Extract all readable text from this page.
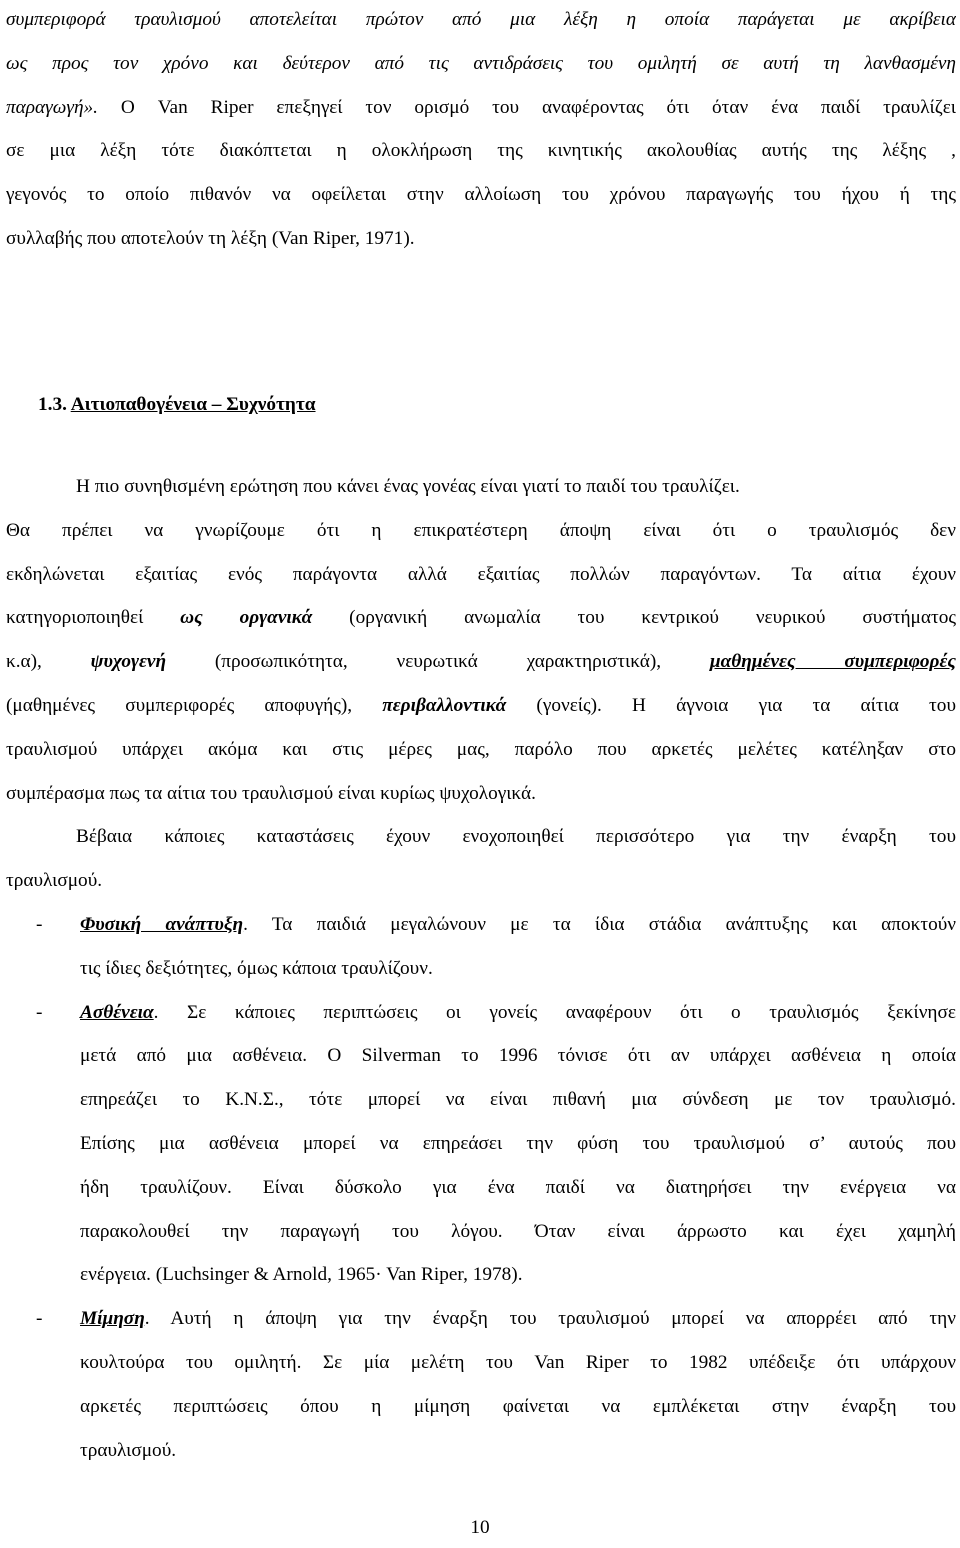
συμπεριφορά τραυλισμού αποτελείται πρώτον από μια λέξη η οποία παράγεται με ακρίβεια
ως προς τον χρόνο και δεύτερον από τις αντιδράσεις του ομιλητή σε αυτή τη λανθασμένη
παραγωγή». Ο Van Riper επεξηγεί τον ορισμό του αναφέροντας ότι όταν ένα παιδί τραυλίζει
σε μια λέξη τότε διακόπτεται η ολοκλήρωση της κινητικής ακολουθίας αυτής της λέξης ,
γεγονός το οποίο πιθανόν να οφείλεται στην αλλοίωση του χρόνου παραγωγής του ήχου ή της
συλλαβής που αποτελούν τη λέξη (Van Riper, 1971).
1.3. Αιτιοπαθογένεια – Συχνότητα
Η πιο συνηθισμένη ερώτηση που κάνει ένας γονέας είναι γιατί το παιδί του τραυλίζει.
Θα πρέπει να γνωρίζουμε ότι η επικρατέστερη άποψη είναι ότι ο τραυλισμός δεν
εκδηλώνεται εξαιτίας ενός παράγοντα αλλά εξαιτίας πολλών παραγόντων. Τα αίτια έχουν
κατηγοριοποιηθεί ως οργανικά (οργανική ανωμαλία του κεντρικού νευρικού συστήματος
κ.α), ψυχογενή (προσωπικότητα, νευρωτικά χαρακτηριστικά), μαθημένες συμπεριφορές
(μαθημένες συμπεριφορές αποφυγής), περιβαλλοντικά (γονείς). Η άγνοια για τα αίτια του
τραυλισμού υπάρχει ακόμα και στις μέρες μας, παρόλο που αρκετές μελέτες κατέληξαν στο
συμπέρασμα πως τα αίτια του τραυλισμού είναι κυρίως ψυχολογικά.
Βέβαια κάποιες καταστάσεις έχουν ενοχοποιηθεί περισσότερο για την έναρξη του
τραυλισμού.
- Φυσική ανάπτυξη. Τα παιδιά μεγαλώνουν με τα ίδια στάδια ανάπτυξης και αποκτούν
τις ίδιες δεξιότητες, όμως κάποια τραυλίζουν.
- Ασθένεια. Σε κάποιες περιπτώσεις οι γονείς αναφέρουν ότι ο τραυλισμός ξεκίνησε
μετά από μια ασθένεια. Ο Silverman το 1996 τόνισε ότι αν υπάρχει ασθένεια η οποία
επηρεάζει το Κ.Ν.Σ., τότε μπορεί να είναι πιθανή μια σύνδεση με τον τραυλισμό.
Επίσης μια ασθένεια μπορεί να επηρεάσει την φύση του τραυλισμού σ’ αυτούς που
ήδη τραυλίζουν. Είναι δύσκολο για ένα παιδί να διατηρήσει την ενέργεια να
παρακολουθεί την παραγωγή του λόγου. Όταν είναι άρρωστο και έχει χαμηλή
ενέργεια. (Luchsinger & Arnold, 1965· Van Riper, 1978).
- Μίμηση. Αυτή η άποψη για την έναρξη του τραυλισμού μπορεί να απορρέει από την
κουλτούρα του ομιλητή. Σε μία μελέτη του Van Riper το 1982 υπέδειξε ότι υπάρχουν
αρκετές περιπτώσεις όπου η μίμηση φαίνεται να εμπλέκεται στην έναρξη του
τραυλισμού.
10
